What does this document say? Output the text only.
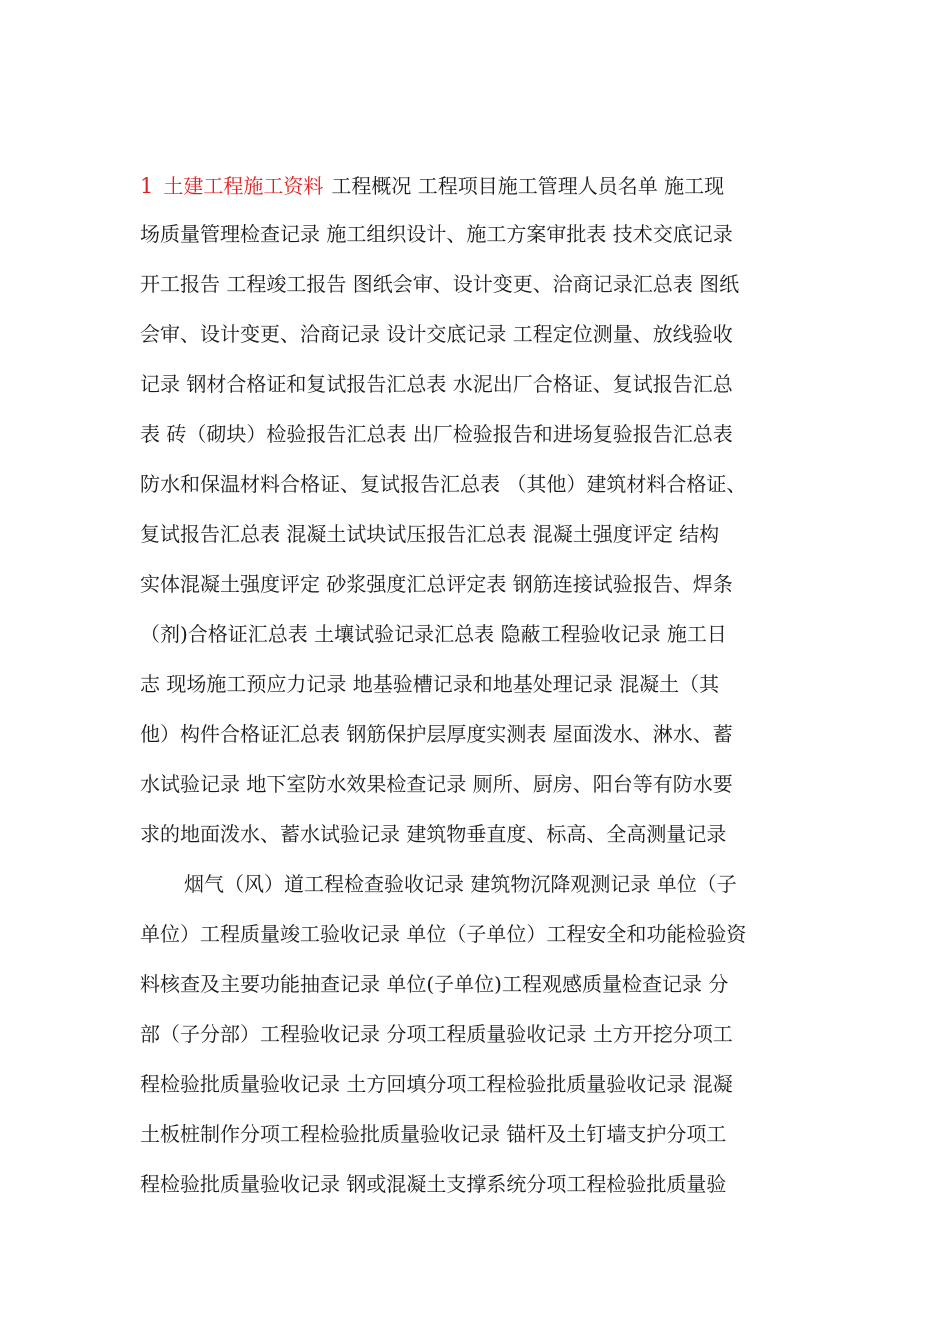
1 土建工程施工资料 工程概况 工程项目施工管理人员名单 施工现
场质量管理检查记录 施工组织设计、施工方案审批表 技术交底记录
开工报告 工程竣工报告 图纸会审、设计变更、洽商记录汇总表 图纸
会审、设计变更、洽商记录 设计交底记录 工程定位测量、放线验收
记录 钢材合格证和复试报告汇总表 水泥出厂合格证、复试报告汇总
表 砖（砌块）检验报告汇总表 出厂检验报告和进场复验报告汇总表
防水和保温材料合格证、复试报告汇总表 （其他）建筑材料合格证、
复试报告汇总表 混凝土试块试压报告汇总表 混凝土强度评定 结构
实体混凝土强度评定 砂浆强度汇总评定表 钢筋连接试验报告、焊条
（剂)合格证汇总表 土壤试验记录汇总表 隐蔽工程验收记录 施工日
志 现场施工预应力记录 地基验槽记录和地基处理记录 混凝土（其
他）构件合格证汇总表 钢筋保护层厚度实测表 屋面泼水、淋水、蓄
水试验记录 地下室防水效果检查记录 厕所、厨房、阳台等有防水要
求的地面泼水、蓄水试验记录 建筑物垂直度、标高、全高测量记录
烟气（风）道工程检查验收记录 建筑物沉降观测记录 单位（子
单位）工程质量竣工验收记录 单位（子单位）工程安全和功能检验资
料核查及主要功能抽查记录 单位(子单位)工程观感质量检查记录 分
部（子分部）工程验收记录 分项工程质量验收记录 土方开挖分项工
程检验批质量验收记录 土方回填分项工程检验批质量验收记录 混凝
土板桩制作分项工程检验批质量验收记录 锚杆及土钉墙支护分项工
程检验批质量验收记录 钢或混凝土支撑系统分项工程检验批质量验
